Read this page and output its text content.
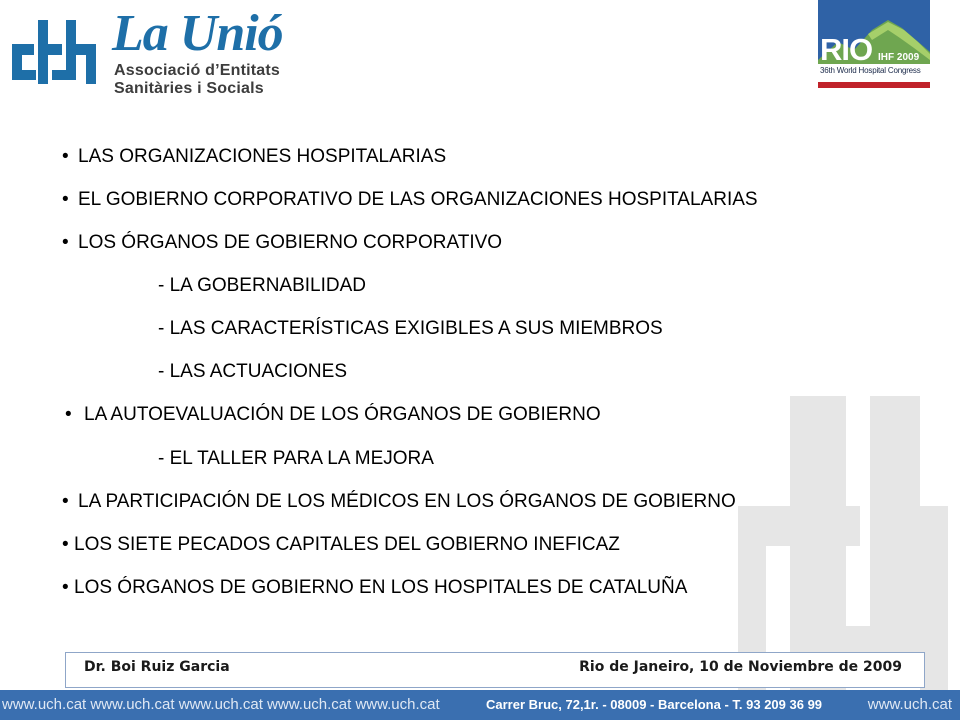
La Unió
Associació d’Entitats
Sanitàries i Socials
RIO IHF 2009
36th World Hospital Congress
• LAS ORGANIZACIONES HOSPITALARIAS
• EL GOBIERNO CORPORATIVO DE LAS ORGANIZACIONES HOSPITALARIAS
• LOS ÓRGANOS DE GOBIERNO CORPORATIVO
- LA GOBERNABILIDAD
- LAS CARACTERÍSTICAS EXIGIBLES A SUS MIEMBROS
- LAS ACTUACIONES
• LA AUTOEVALUACIÓN DE LOS ÓRGANOS DE GOBIERNO
- EL TALLER PARA LA MEJORA
• LA PARTICIPACIÓN DE LOS MÉDICOS EN LOS ÓRGANOS DE GOBIERNO
• LOS SIETE PECADOS CAPITALES DEL GOBIERNO INEFICAZ
• LOS ÓRGANOS DE GOBIERNO EN LOS HOSPITALES DE CATALUÑA
Dr. Boi Ruiz Garcia	Rio de Janeiro, 10 de Noviembre de 2009
www.uch.cat www.uch.cat www.uch.cat www.uch.cat www.uch.cat	Carrer Bruc, 72,1r. - 08009 - Barcelona - T. 93 209 36 99	www.uch.cat
